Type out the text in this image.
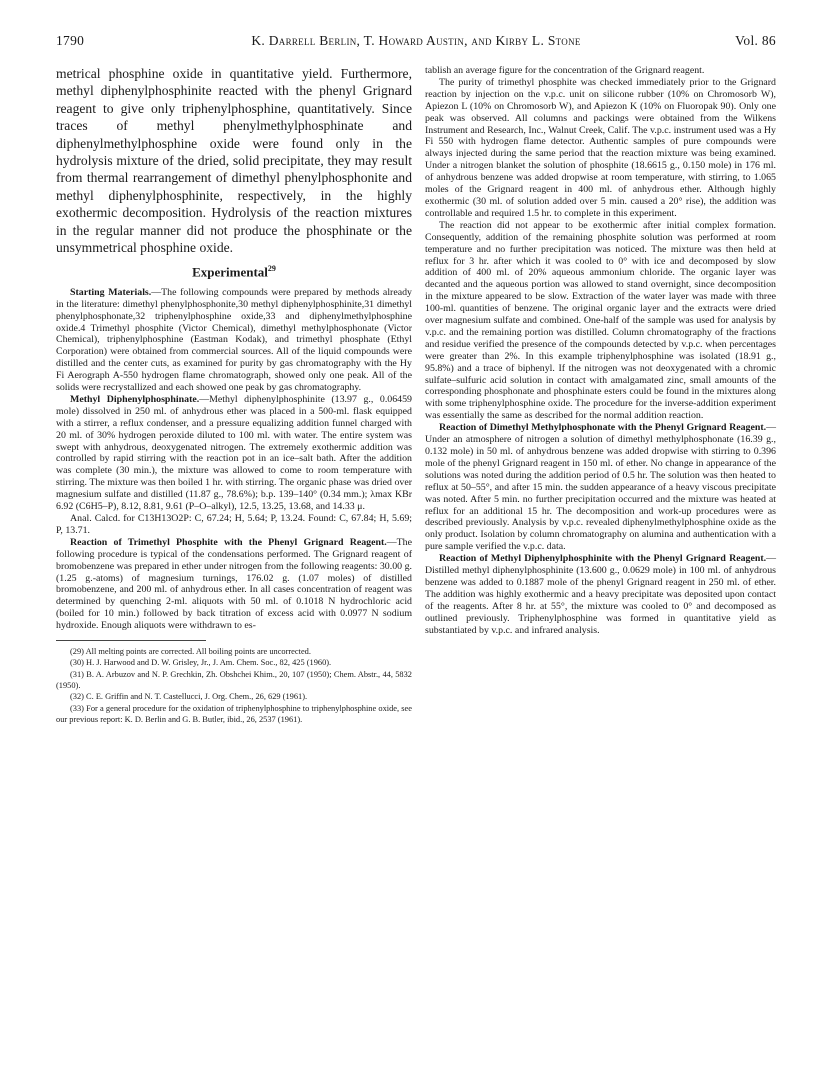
1790	K. Darrell Berlin, T. Howard Austin, and Kirby L. Stone	Vol. 86

metrical phosphine oxide in quantitative yield. Furthermore, methyl diphenylphosphinite reacted with the phenyl Grignard reagent to give only triphenylphosphine, quantitatively. Since traces of methyl phenylmethylphosphinate and diphenylmethylphosphine oxide were found only in the hydrolysis mixture of the dried, solid precipitate, they may result from thermal rearrangement of dimethyl phenylphosphonite and methyl diphenylphosphinite, respectively, in the highly exothermic decomposition. Hydrolysis of the reaction mixtures in the regular manner did not produce the phosphinate or the unsymmetrical phosphine oxide.

Experimental$^{29}$

Starting Materials.—The following compounds were prepared by methods already in the literature: dimethyl phenylphosphonite,30 methyl diphenylphosphinite,31 dimethyl phenylphosphonate,32 triphenylphosphine oxide,33 and diphenylmethylphosphine oxide.4 Trimethyl phosphite (Victor Chemical), dimethyl methylphosphonate (Victor Chemical), triphenylphosphine (Eastman Kodak), and trimethyl phosphate (Ethyl Corporation) were obtained from commercial sources. All of the liquid compounds were distilled and the center cuts, as examined for purity by gas chromatography with the Hy Fi Aerograph A-550 hydrogen flame chromatograph, showed only one peak. All of the solids were recrystallized and each showed one peak by gas chromatography.

Methyl Diphenylphosphinate.—Methyl diphenylphosphinite (13.97 g., 0.06459 mole) dissolved in 250 ml. of anhydrous ether was placed in a 500-ml. flask equipped with a stirrer, a reflux condenser, and a pressure equalizing addition funnel charged with 20 ml. of 30% hydrogen peroxide diluted to 100 ml. with water. The entire system was swept with anhydrous, deoxygenated nitrogen. The extremely exothermic addition was controlled by rapid stirring with the reaction pot in an ice–salt bath. After the addition was complete (30 min.), the mixture was allowed to come to room temperature with stirring. The mixture was then boiled 1 hr. with stirring. The organic phase was dried over magnesium sulfate and distilled (11.87 g., 78.6%); b.p. 139–140° (0.34 mm.); λmax KBr 6.92 (C6H5–P), 8.12, 8.81, 9.61 (P–O–alkyl), 12.5, 13.25, 13.68, and 14.33 μ.

Anal. Calcd. for C13H13O2P: C, 67.24; H, 5.64; P, 13.24. Found: C, 67.84; H, 5.69; P, 13.71.

Reaction of Trimethyl Phosphite with the Phenyl Grignard Reagent.—The following procedure is typical of the condensations performed. The Grignard reagent of bromobenzene was prepared in ether under nitrogen from the following reagents: 30.00 g. (1.25 g.-atoms) of magnesium turnings, 176.02 g. (1.07 moles) of distilled bromobenzene, and 200 ml. of anhydrous ether. In all cases concentration of reagent was determined by quenching 2-ml. aliquots with 50 ml. of 0.1018 N hydrochloric acid (boiled for 10 min.) followed by back titration of excess acid with 0.0977 N sodium hydroxide. Enough aliquots were withdrawn to es-

(29) All melting points are corrected. All boiling points are uncorrected.

(30) H. J. Harwood and D. W. Grisley, Jr., J. Am. Chem. Soc., 82, 425 (1960).

(31) B. A. Arbuzov and N. P. Grechkin, Zh. Obshchei Khim., 20, 107 (1950); Chem. Abstr., 44, 5832 (1950).

(32) C. E. Griffin and N. T. Castellucci, J. Org. Chem., 26, 629 (1961).

(33) For a general procedure for the oxidation of triphenylphosphine to triphenylphosphine oxide, see our previous report: K. D. Berlin and G. B. Butler, ibid., 26, 2537 (1961).

tablish an average figure for the concentration of the Grignard reagent.

The purity of trimethyl phosphite was checked immediately prior to the Grignard reaction by injection on the v.p.c. unit on silicone rubber (10% on Chromosorb W), Apiezon L (10% on Chromosorb W), and Apiezon K (10% on Fluoropak 90). Only one peak was observed. All columns and packings were obtained from the Wilkens Instrument and Research, Inc., Walnut Creek, Calif. The v.p.c. instrument used was a Hy Fi 550 with hydrogen flame detector. Authentic samples of pure compounds were always injected during the same period that the reaction mixture was being examined. Under a nitrogen blanket the solution of phosphite (18.6615 g., 0.150 mole) in 176 ml. of anhydrous benzene was added dropwise at room temperature, with stirring, to 1.065 moles of the Grignard reagent in 400 ml. of anhydrous ether. Although highly exothermic (30 ml. of solution added over 5 min. caused a 20° rise), the addition was controllable and required 1.5 hr. to complete in this experiment.

The reaction did not appear to be exothermic after initial complex formation. Consequently, addition of the remaining phosphite solution was performed at room temperature and no further precipitation was noticed. The mixture was then held at reflux for 3 hr. after which it was cooled to 0° with ice and decomposed by slow addition of 400 ml. of 20% aqueous ammonium chloride. The organic layer was decanted and the aqueous portion was allowed to stand overnight, since decomposition in the mixture appeared to be slow. Extraction of the water layer was made with three 100-ml. quantities of benzene. The original organic layer and the extracts were dried over magnesium sulfate and combined. One-half of the sample was used for analysis by v.p.c. and the remaining portion was distilled. Column chromatography of the fractions and residue verified the presence of the compounds detected by v.p.c. when percentages were greater than 2%. In this example triphenylphosphine was isolated (18.91 g., 95.8%) and a trace of biphenyl. If the nitrogen was not deoxygenated with a chromic sulfate–sulfuric acid solution in contact with amalgamated zinc, small amounts of the corresponding phosphonate and phosphinate esters could be found in the mixtures along with some triphenylphosphine oxide. The procedure for the inverse-addition experiment was essentially the same as described for the normal addition reaction.

Reaction of Dimethyl Methylphosphonate with the Phenyl Grignard Reagent.—Under an atmosphere of nitrogen a solution of dimethyl methylphosphonate (16.39 g., 0.132 mole) in 50 ml. of anhydrous benzene was added dropwise with stirring to 0.396 mole of the phenyl Grignard reagent in 150 ml. of ether. No change in appearance of the solutions was noted during the addition period of 0.5 hr. The solution was then heated to reflux at 50–55°, and after 15 min. the sudden appearance of a heavy viscous precipitate was noted. After 5 min. no further precipitation occurred and the mixture was heated at reflux for an additional 15 hr. The decomposition and work-up procedures were as described previously. Analysis by v.p.c. revealed diphenylmethylphosphine oxide as the only product. Isolation by column chromatography on alumina and authentication with a pure sample verified the v.p.c. data.

Reaction of Methyl Diphenylphosphinite with the Phenyl Grignard Reagent.—Distilled methyl diphenylphosphinite (13.600 g., 0.0629 mole) in 100 ml. of anhydrous benzene was added to 0.1887 mole of the phenyl Grignard reagent in 250 ml. of ether. The addition was highly exothermic and a heavy precipitate was deposited upon contact of the reagents. After 8 hr. at 55°, the mixture was cooled to 0° and decomposed as outlined previously. Triphenylphosphine was formed in quantitative yield as substantiated by v.p.c. and infrared analysis.
